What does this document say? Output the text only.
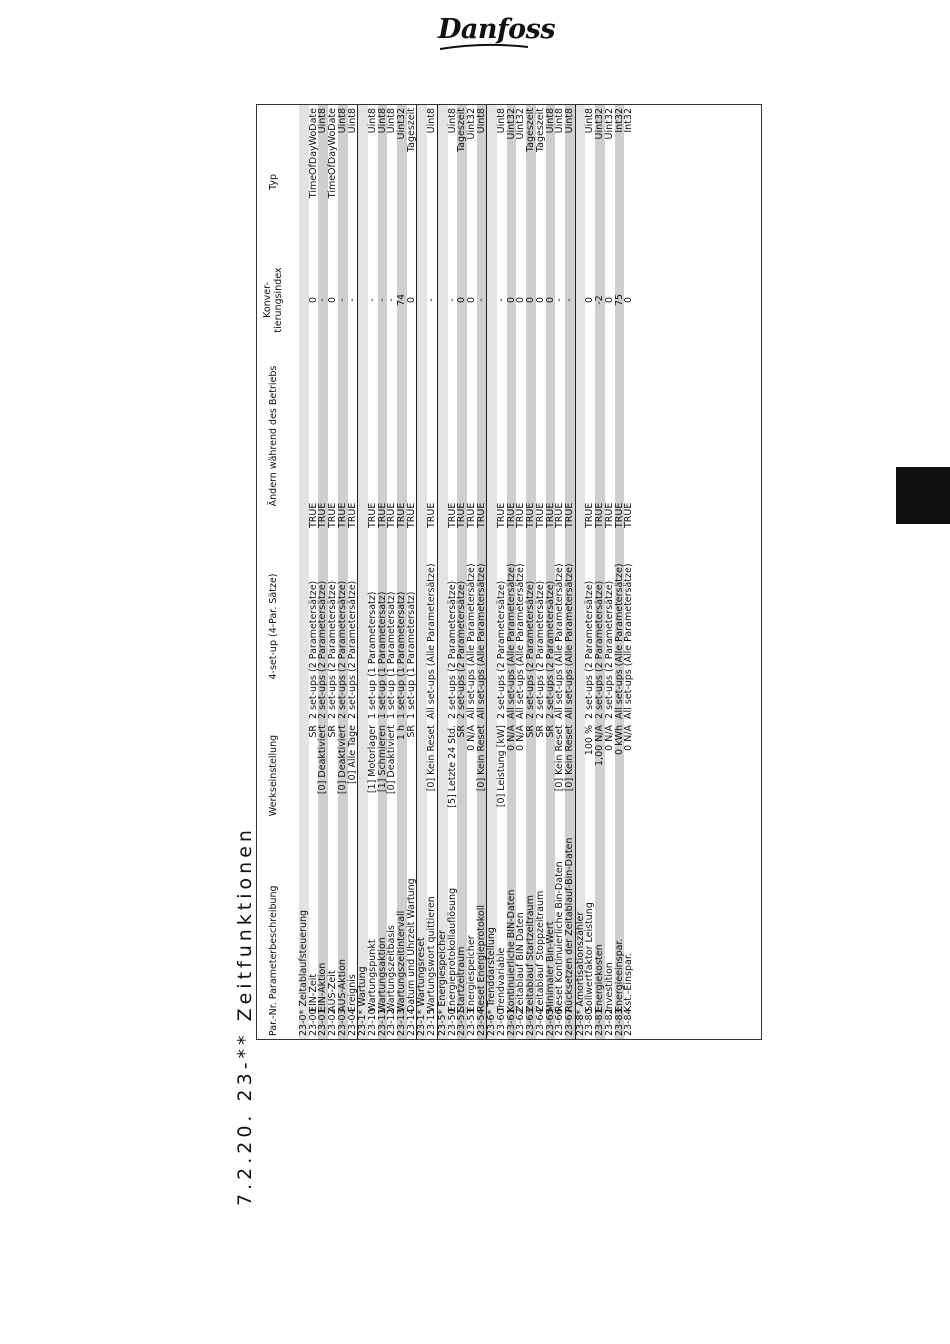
Danfoss
7.2.20. 23-** Zeitfunktionen	Par.-Nr. Parameterbeschreibung	Werkseinstellung	4-set-up (4-Par. Sätze)	Ändern während des Betriebs	Konver-tierungsindex	Typ

23-0* Zeitablaufsteuerung					
23-00EIN-Zeit	SR	2 set-ups (2 Parametersätze)	TRUE	0	TimeOfDayWoDate
23-01EIN-Aktion	[0] Deaktiviert	2 set-ups (2 Parametersätze)	TRUE	-	Uint8
23-02AUS-Zeit	SR	2 set-ups (2 Parametersätze)	TRUE	0	TimeOfDayWoDate
23-03AUS-Aktion	[0] Deaktiviert	2 set-ups (2 Parametersätze)	TRUE	-	Uint8
23-04Ereignis	[0] Alle Tage	2 set-ups (2 Parametersätze)	TRUE	-	Uint8
23-1* Wartung					
23-10Wartungspunkt	[1] Motorlager	1 set-up (1 Parametersatz)	TRUE	-	Uint8
23-11Wartungsaktion	[1] Schmieren	1 set-up (1 Parametersatz)	TRUE	-	Uint8
23-12Wartungszeitbasis	[0] Deaktiviert	1 set-up (1 Parametersatz)	TRUE	-	Uint8
23-13Wartungszeitintervall	1 h	1 set-up (1 Parametersatz)	TRUE	74	Uint32
23-14Datum und Uhrzeit Wartung	SR	1 set-up (1 Parametersatz)	TRUE	0	Tageszeit
23-1* Wartungsreset					
23-15Wartungswort quittieren	[0] Kein Reset	All set-ups (Alle Parametersätze)	TRUE	-	Uint8
23-5* Energiespeicher					
23-50Energieprotokollauflösung	[5] Letzte 24 Std.	2 set-ups (2 Parametersätze)	TRUE	-	Uint8
23-51Startzeitraum	SR	2 set-ups (2 Parametersätze)	TRUE	0	Tageszeit
23-53Energiespeicher	0 N/A	All set-ups (Alle Parametersätze)	TRUE	0	Uint32
23-54Reset Energieprotokoll	[0] Kein Reset	All set-ups (Alle Parametersätze)	TRUE	-	Uint8
23-6* Trenddarstellung					
23-60Trendvariable	[0] Leistung [kW]	2 set-ups (2 Parametersätze)	TRUE	-	Uint8
23-61Kontinuierliche BIN-Daten	0 N/A	All set-ups (Alle Parametersätze)	TRUE	0	Uint32
23-62Zeitablauf BIN Daten	0 N/A	All set-ups (Alle Parametersätze)	TRUE	0	Uint32
23-63Zeitablauf Startzeitraum	SR	2 set-ups (2 Parametersätze)	TRUE	0	Tageszeit
23-64Zeitablauf Stoppzeitraum	SR	2 set-ups (2 Parametersätze)	TRUE	0	Tageszeit
23-65Minimaler Bin-Wert	SR	2 set-ups (2 Parametersätze)	TRUE	0	Uint8
23-66Reset Kontinuierliche Bin-Daten	[0] Kein Reset	All set-ups (Alle Parametersätze)	TRUE	-	Uint8
23-67Rücksetzen der Zeitablauf-Bin-Daten	[0] Kein Reset	All set-ups (Alle Parametersätze)	TRUE	-	Uint8
23-8* Amortisationszähler					
23-80Sollwertfaktor Leistung	100 %	2 set-ups (2 Parametersätze)	TRUE	0	Uint8
23-81Energiekosten	1,00 N/A	2 set-ups (2 Parametersätze)	TRUE	-2	Uint32
23-82Investition	0 N/A	2 set-ups (2 Parametersätze)	TRUE	0	Uint32
23-83Energieeinspar.	0 kWh	All set-ups (Alle Parametersätze)	TRUE	75	Int32
23-84Kst.-Einspar.	0 N/A	All set-ups (Alle Parametersätze)	TRUE	0	Int32
